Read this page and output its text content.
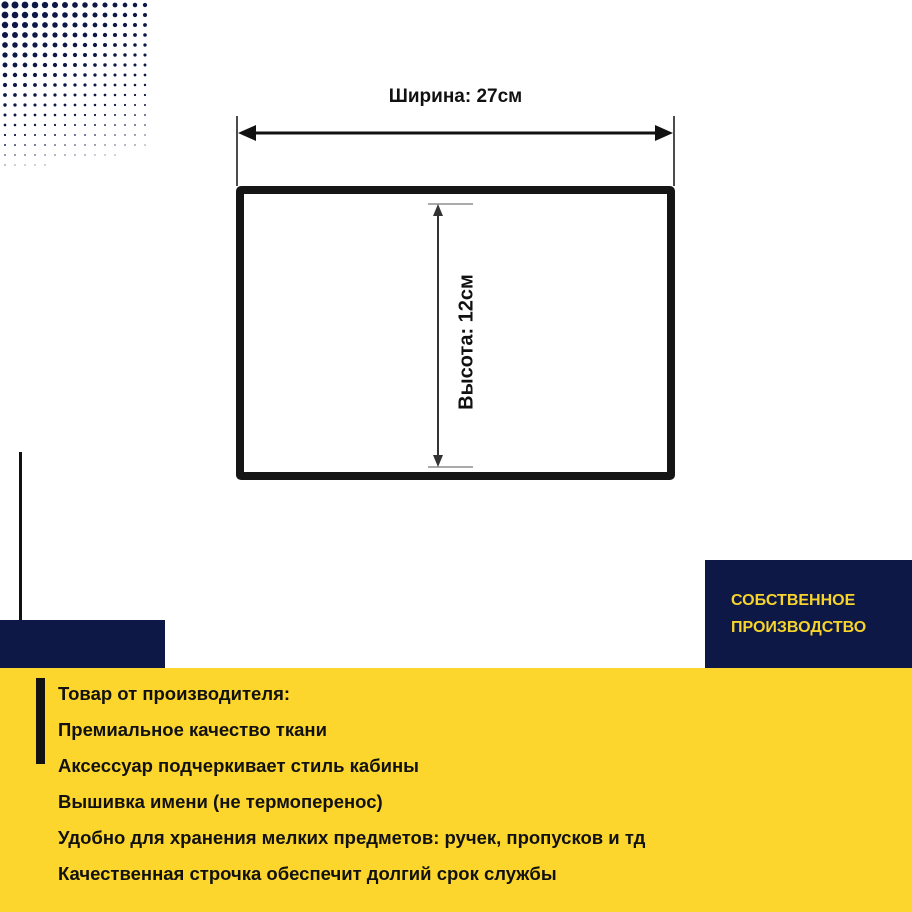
Ширина: 27см
Высота: 12см
СОБСТВЕННОЕ
ПРОИЗВОДСТВО
Товар от производителя:
Премиальное качество ткани
Аксессуар подчеркивает стиль кабины
Вышивка имени (не термоперенос)
Удобно для хранения мелких предметов: ручек, пропусков и тд
Качественная строчка обеспечит долгий срок службы
